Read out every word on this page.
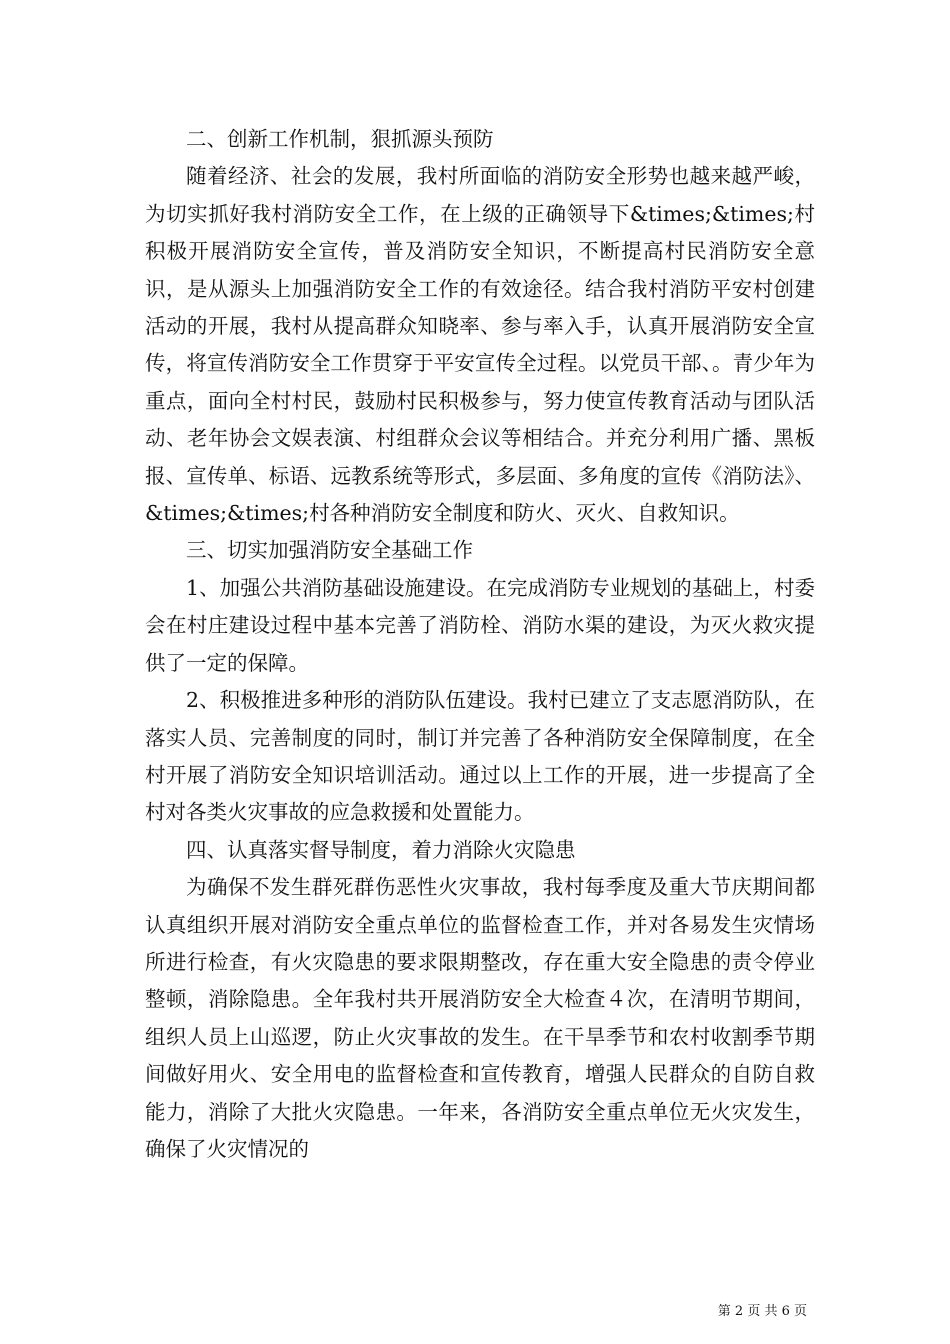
二、创新工作机制，狠抓源头预防

随着经济、社会的发展，我村所面临的消防安全形势也越来越严峻，为切实抓好我村消防安全工作，在上级的正确领导下&times;&times;村积极开展消防安全宣传，普及消防安全知识，不断提高村民消防安全意识，是从源头上加强消防安全工作的有效途径。结合我村消防平安村创建活动的开展，我村从提高群众知晓率、参与率入手，认真开展消防安全宣传，将宣传消防安全工作贯穿于平安宣传全过程。以党员干部、。青少年为重点，面向全村村民，鼓励村民积极参与，努力使宣传教育活动与团队活动、老年协会文娱表演、村组群众会议等相结合。并充分利用广播、黑板报、宣传单、标语、远教系统等形式，多层面、多角度的宣传《消防法》、&times;&times;村各种消防安全制度和防火、灭火、自救知识。

三、切实加强消防安全基础工作

1、加强公共消防基础设施建设。在完成消防专业规划的基础上，村委会在村庄建设过程中基本完善了消防栓、消防水渠的建设，为灭火救灾提供了一定的保障。

2、积极推进多种形的消防队伍建设。我村已建立了支志愿消防队，在落实人员、完善制度的同时，制订并完善了各种消防安全保障制度，在全村开展了消防安全知识培训活动。通过以上工作的开展，进一步提高了全村对各类火灾事故的应急救援和处置能力。

四、认真落实督导制度，着力消除火灾隐患

为确保不发生群死群伤恶性火灾事故，我村每季度及重大节庆期间都认真组织开展对消防安全重点单位的监督检查工作，并对各易发生灾情场所进行检查，有火灾隐患的要求限期整改，存在重大安全隐患的责令停业整顿，消除隐患。全年我村共开展消防安全大检查４次，在清明节期间，组织人员上山巡逻，防止火灾事故的发生。在干旱季节和农村收割季节期间做好用火、安全用电的监督检查和宣传教育，增强人民群众的自防自救能力，消除了大批火灾隐患。一年来，各消防安全重点单位无火灾发生，确保了火灾情况的

第 2 页 共 6 页
